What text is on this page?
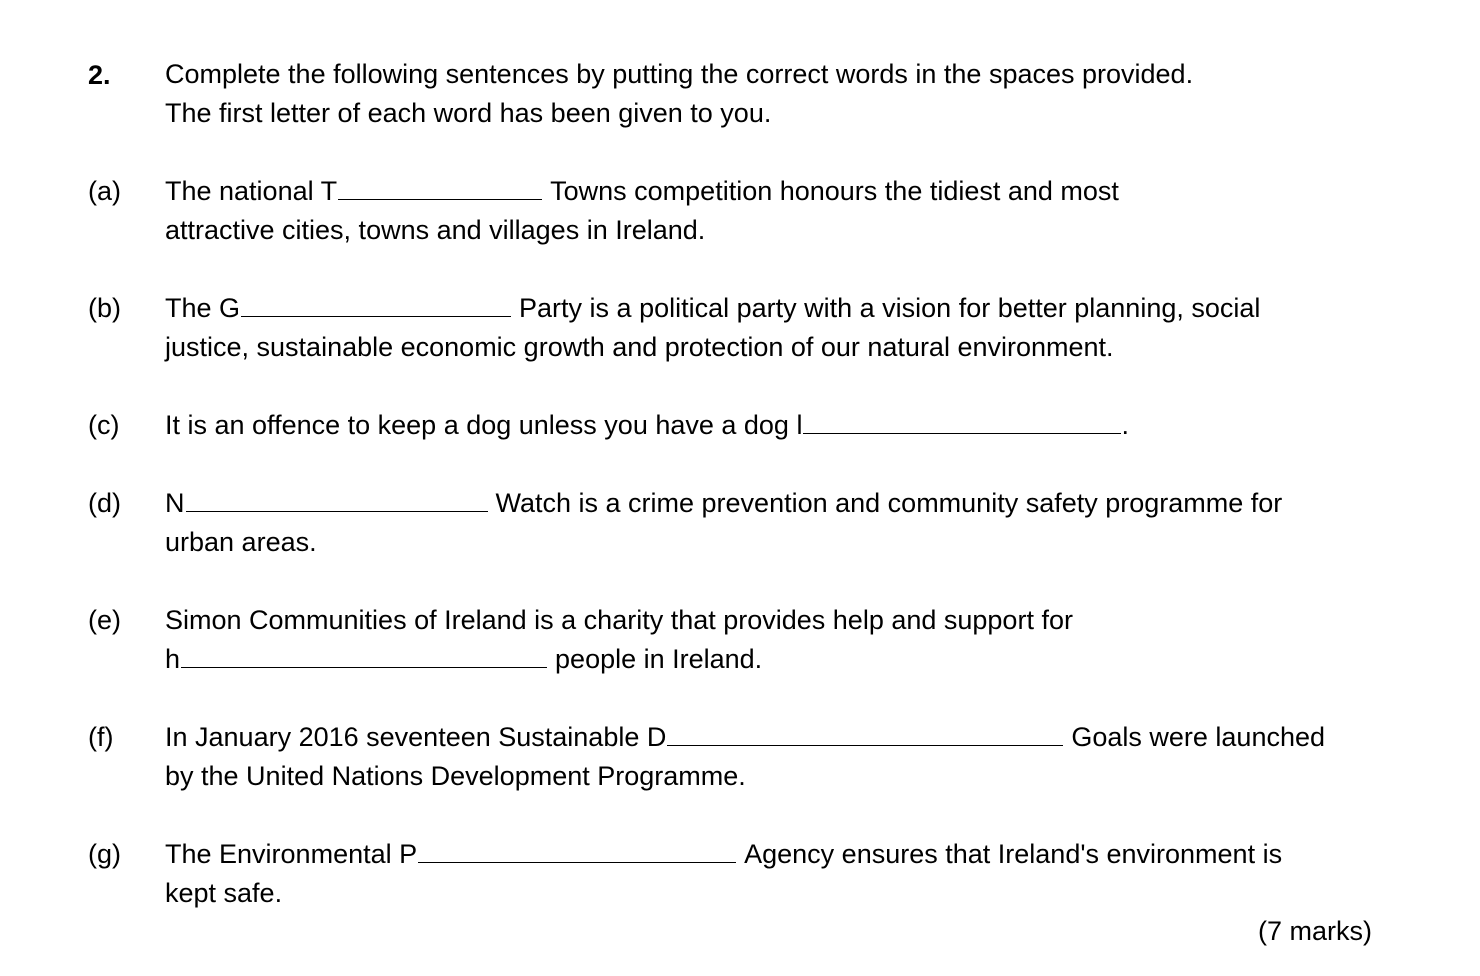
2. Complete the following sentences by putting the correct words in the spaces provided.
The first letter of each word has been given to you.
(a) The national T	Towns competition honours the tidiest and most
attractive cities, towns and villages in Ireland.
(b) The G	Party is a political party with a vision for better planning, social
justice, sustainable economic growth and protection of our natural environment.
(c) It is an offence to keep a dog unless you have a dog l	.
(d) N	Watch is a crime prevention and community safety programme for
urban areas.
(e) Simon Communities of Ireland is a charity that provides help and support for
h	people in Ireland.
(f) In January 2016 seventeen Sustainable D	Goals were launched
by the United Nations Development Programme.
(g) The Environmental P	Agency ensures that Ireland's environment is
kept safe.
(7 marks)
